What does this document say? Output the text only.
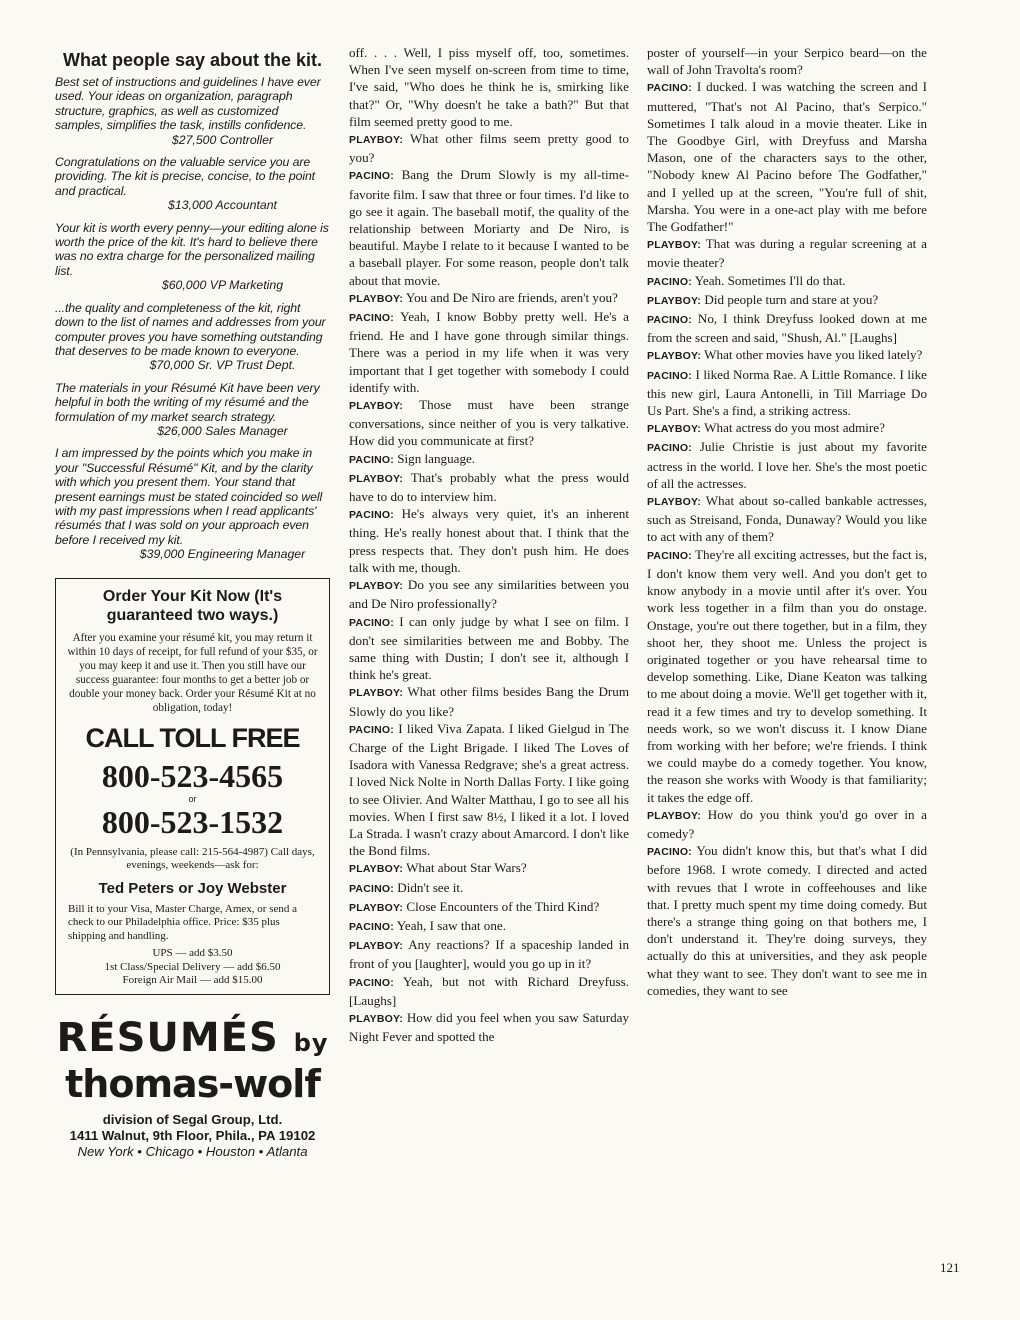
What people say about the kit.

Best set of instructions and guidelines I have ever used. Your ideas on organization, paragraph structure, graphics, as well as customized samples, simplifies the task, instills confidence.

$27,500 Controller

Congratulations on the valuable service you are providing. The kit is precise, concise, to the point and practical.

$13,000 Accountant

Your kit is worth every penny—your editing alone is worth the price of the kit. It's hard to believe there was no extra charge for the personalized mailing list.

$60,000 VP Marketing

...the quality and completeness of the kit, right down to the list of names and addresses from your computer proves you have something outstanding that deserves to be made known to everyone.

$70,000 Sr. VP Trust Dept.

The materials in your Résumé Kit have been very helpful in both the writing of my résumé and the formulation of my market search strategy.

$26,000 Sales Manager

I am impressed by the points which you make in your "Successful Résumé" Kit, and by the clarity with which you present them. Your stand that present earnings must be stated coincided so well with my past impressions when I read applicants' résumés that I was sold on your approach even before I received my kit.

$39,000 Engineering Manager

Order Your Kit Now (It's guaranteed two ways.)

After you examine your résumé kit, you may return it within 10 days of receipt, for full refund of your $35, or you may keep it and use it. Then you still have our success guarantee: four months to get a better job or double your money back. Order your Résumé Kit at no obligation, today!

CALL TOLL FREE
800-523-4565
or
800-523-1532

(In Pennsylvania, please call: 215-564-4987) Call days, evenings, weekends—ask for:

Ted Peters or Joy Webster

Bill it to your Visa, Master Charge, Amex, or send a check to our Philadelphia office. Price: $35 plus shipping and handling.

UPS — add $3.50
1st Class/Special Delivery — add $6.50
Foreign Air Mail — add $15.00
RÉSUMÉS by
thomas-wolf
division of Segal Group, Ltd.
1411 Walnut, 9th Floor, Phila., PA 19102
New York • Chicago • Houston • Atlanta

off. . . . Well, I piss myself off, too, sometimes. When I've seen myself on-screen from time to time, I've said, "Who does he think he is, smirking like that?" Or, "Why doesn't he take a bath?" But that film seemed pretty good to me.

PLAYBOY: What other films seem pretty good to you?

PACINO: Bang the Drum Slowly is my all-time-favorite film. I saw that three or four times. I'd like to go see it again. The baseball motif, the quality of the relationship between Moriarty and De Niro, is beautiful. Maybe I relate to it because I wanted to be a baseball player. For some reason, people don't talk about that movie.

PLAYBOY: You and De Niro are friends, aren't you?

PACINO: Yeah, I know Bobby pretty well. He's a friend. He and I have gone through similar things. There was a period in my life when it was very important that I get together with somebody I could identify with.

PLAYBOY: Those must have been strange conversations, since neither of you is very talkative. How did you communicate at first?

PACINO: Sign language.

PLAYBOY: That's probably what the press would have to do to interview him.

PACINO: He's always very quiet, it's an inherent thing. He's really honest about that. I think that the press respects that. They don't push him. He does talk with me, though.

PLAYBOY: Do you see any similarities between you and De Niro professionally?

PACINO: I can only judge by what I see on film. I don't see similarities between me and Bobby. The same thing with Dustin; I don't see it, although I think he's great.

PLAYBOY: What other films besides Bang the Drum Slowly do you like?

PACINO: I liked Viva Zapata. I liked Gielgud in The Charge of the Light Brigade. I liked The Loves of Isadora with Vanessa Redgrave; she's a great actress. I loved Nick Nolte in North Dallas Forty. I like going to see Olivier. And Walter Matthau, I go to see all his movies. When I first saw 8½, I liked it a lot. I loved La Strada. I wasn't crazy about Amarcord. I don't like the Bond films.

PLAYBOY: What about Star Wars?

PACINO: Didn't see it.

PLAYBOY: Close Encounters of the Third Kind?

PACINO: Yeah, I saw that one.

PLAYBOY: Any reactions? If a spaceship landed in front of you [laughter], would you go up in it?

PACINO: Yeah, but not with Richard Dreyfuss. [Laughs]

PLAYBOY: How did you feel when you saw Saturday Night Fever and spotted the

poster of yourself—in your Serpico beard—on the wall of John Travolta's room?

PACINO: I ducked. I was watching the screen and I muttered, "That's not Al Pacino, that's Serpico." Sometimes I talk aloud in a movie theater. Like in The Goodbye Girl, with Dreyfuss and Marsha Mason, one of the characters says to the other, "Nobody knew Al Pacino before The Godfather," and I yelled up at the screen, "You're full of shit, Marsha. You were in a one-act play with me before The Godfather!"

PLAYBOY: That was during a regular screening at a movie theater?

PACINO: Yeah. Sometimes I'll do that.

PLAYBOY: Did people turn and stare at you?

PACINO: No, I think Dreyfuss looked down at me from the screen and said, "Shush, Al." [Laughs]

PLAYBOY: What other movies have you liked lately?

PACINO: I liked Norma Rae. A Little Romance. I like this new girl, Laura Antonelli, in Till Marriage Do Us Part. She's a find, a striking actress.

PLAYBOY: What actress do you most admire?

PACINO: Julie Christie is just about my favorite actress in the world. I love her. She's the most poetic of all the actresses.

PLAYBOY: What about so-called bankable actresses, such as Streisand, Fonda, Dunaway? Would you like to act with any of them?

PACINO: They're all exciting actresses, but the fact is, I don't know them very well. And you don't get to know anybody in a movie until after it's over. You work less together in a film than you do onstage. Onstage, you're out there together, but in a film, they shoot her, they shoot me. Unless the project is originated together or you have rehearsal time to develop something. Like, Diane Keaton was talking to me about doing a movie. We'll get together with it, read it a few times and try to develop something. It needs work, so we won't discuss it. I know Diane from working with her before; we're friends. I think we could maybe do a comedy together. You know, the reason she works with Woody is that familiarity; it takes the edge off.

PLAYBOY: How do you think you'd go over in a comedy?

PACINO: You didn't know this, but that's what I did before 1968. I wrote comedy. I directed and acted with revues that I wrote in coffeehouses and like that. I pretty much spent my time doing comedy. But there's a strange thing going on that bothers me, I don't understand it. They're doing surveys, they actually do this at universities, and they ask people what they want to see. They don't want to see me in comedies, they want to see

121
